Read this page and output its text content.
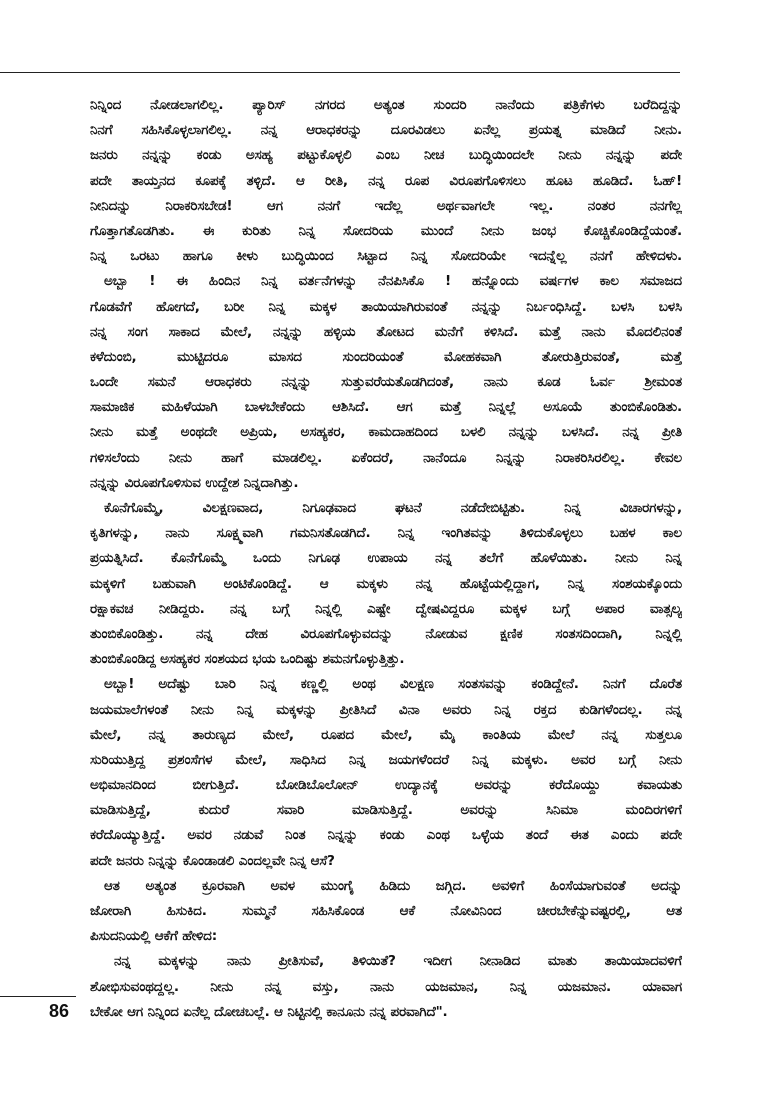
ನಿನ್ನಿಂದ ನೋಡಲಾಗಲಿಲ್ಲ. ಪ್ಯಾರಿಸ್ ನಗರದ ಅತ್ಯಂತ ಸುಂದರಿ ನಾನೆಂದು ಪತ್ರಿಕೆಗಳು ಬರೆದಿದ್ದನ್ನು
ನಿನಗೆ ಸಹಿಸಿಕೊಳ್ಳಲಾಗಲಿಲ್ಲ. ನನ್ನ ಆರಾಧಕರನ್ನು ದೂರವಿಡಲು ಏನೆಲ್ಲ ಪ್ರಯತ್ನ ಮಾಡಿದೆ ನೀನು.
ಜನರು ನನ್ನನ್ನು ಕಂಡು ಅಸಹ್ಯ ಪಟ್ಟುಕೊಳ್ಳಲಿ ಎಂಬ ನೀಚ ಬುದ್ಧಿಯಿಂದಲೇ ನೀನು ನನ್ನನ್ನು ಪದೇ
ಪದೇ ತಾಯ್ತನದ ಕೂಪಕ್ಕೆ ತಳ್ಳಿದೆ. ಆ ರೀತಿ, ನನ್ನ ರೂಪ ವಿರೂಪಗೊಳಿಸಲು ಹೂಟ ಹೂಡಿದೆ. ಓಹ್!
ನೀನಿದನ್ನು ನಿರಾಕರಿಸಬೇಡ! ಆಗ ನನಗೆ ಇದೆಲ್ಲ ಅರ್ಥವಾಗಲೇ ಇಲ್ಲ. ನಂತರ ನನಗೆಲ್ಲ
ಗೊತ್ತಾಗತೊಡಗಿತು. ಈ ಕುರಿತು ನಿನ್ನ ಸೋದರಿಯ ಮುಂದೆ ನೀನು ಜಂಭ ಕೊಚ್ಚಿಕೊಂಡಿದ್ದೆಯಂತೆ.
ನಿನ್ನ ಒರಟು ಹಾಗೂ ಕೀಳು ಬುದ್ಧಿಯಿಂದ ಸಿಟ್ಟಾದ ನಿನ್ನ ಸೋದರಿಯೇ ಇದನ್ನೆಲ್ಲ ನನಗೆ ಹೇಳಿದಳು.
ಅಬ್ಬಾ ! ಈ ಹಿಂದಿನ ನಿನ್ನ ವರ್ತನೆಗಳನ್ನು ನೆನಪಿಸಿಕೊ ! ಹನ್ನೊಂದು ವರ್ಷಗಳ ಕಾಲ ಸಮಾಜದ
ಗೊಡವೆಗೆ ಹೋಗದೆ, ಬರೀ ನಿನ್ನ ಮಕ್ಕಳ ತಾಯಿಯಾಗಿರುವಂತೆ ನನ್ನನ್ನು ನಿರ್ಬಂಧಿಸಿದ್ದೆ. ಬಳಸಿ ಬಳಸಿ
ನನ್ನ ಸಂಗ ಸಾಕಾದ ಮೇಲೆ, ನನ್ನನ್ನು ಹಳ್ಳಿಯ ತೋಟದ ಮನೆಗೆ ಕಳಿಸಿದೆ. ಮತ್ತೆ ನಾನು ಮೊದಲಿನಂತೆ
ಕಳೆದುಂಬಿ, ಮುಟ್ಟಿದರೂ ಮಾಸದ ಸುಂದರಿಯಂತೆ ಮೋಹಕವಾಗಿ ತೋರುತ್ತಿರುವಂತೆ, ಮತ್ತೆ
ಒಂದೇ ಸಮನೆ ಆರಾಧಕರು ನನ್ನನ್ನು ಸುತ್ತುವರೆಯತೊಡಗಿದಂತೆ, ನಾನು ಕೂಡ ಓರ್ವ ಶ್ರೀಮಂತ
ಸಾಮಾಜಿಕ ಮಹಿಳೆಯಾಗಿ ಬಾಳಬೇಕೆಂದು ಆಶಿಸಿದೆ. ಆಗ ಮತ್ತೆ ನಿನ್ನಲ್ಲೆ ಅಸೂಯೆ ತುಂಬಿಕೊಂಡಿತು.
ನೀನು ಮತ್ತೆ ಅಂಥದೇ ಅಪ್ರಿಯ, ಅಸಹ್ಯಕರ, ಕಾಮದಾಹದಿಂದ ಬಳಲಿ ನನ್ನನ್ನು ಬಳಸಿದೆ. ನನ್ನ ಪ್ರೀತಿ
ಗಳಿಸಲೆಂದು ನೀನು ಹಾಗೆ ಮಾಡಲಿಲ್ಲ. ಏಕೆಂದರೆ, ನಾನೆಂದೂ ನಿನ್ನನ್ನು ನಿರಾಕರಿಸಿರಲಿಲ್ಲ. ಕೇವಲ
ನನ್ನನ್ನು ವಿರೂಪಗೊಳಿಸುವ ಉದ್ದೇಶ ನಿನ್ನದಾಗಿತ್ತು.
ಕೊನೆಗೊಮ್ಮೆ, ವಿಲಕ್ಷಣವಾದ, ನಿಗೂಢವಾದ ಘಟನೆ ನಡೆದೇಬಿಟ್ಟಿತು. ನಿನ್ನ ವಿಚಾರಗಳನ್ನು,
ಕೃತಿಗಳನ್ನು, ನಾನು ಸೂಕ್ಷ್ಮವಾಗಿ ಗಮನಿಸತೊಡಗಿದೆ. ನಿನ್ನ ಇಂಗಿತವನ್ನು ತಿಳಿದುಕೊಳ್ಳಲು ಬಹಳ ಕಾಲ
ಪ್ರಯತ್ನಿಸಿದೆ. ಕೊನೆಗೊಮ್ಮೆ ಒಂದು ನಿಗೂಢ ಉಪಾಯ ನನ್ನ ತಲೆಗೆ ಹೊಳೆಯಿತು. ನೀನು ನಿನ್ನ
ಮಕ್ಕಳಿಗೆ ಬಹುವಾಗಿ ಅಂಟಿಕೊಂಡಿದ್ದೆ. ಆ ಮಕ್ಕಳು ನನ್ನ ಹೊಟ್ಟೆಯಲ್ಲಿದ್ದಾಗ, ನಿನ್ನ ಸಂಶಯಕ್ಕೊಂದು
ರಕ್ಷಾಕವಚ ನೀಡಿದ್ದರು. ನನ್ನ ಬಗ್ಗೆ ನಿನ್ನಲ್ಲಿ ಎಷ್ಟೇ ದ್ವೇಷವಿದ್ದರೂ ಮಕ್ಕಳ ಬಗ್ಗೆ ಅಪಾರ ವಾತ್ಸಲ್ಯ
ತುಂಬಿಕೊಂಡಿತ್ತು. ನನ್ನ ದೇಹ ವಿರೂಪಗೊಳ್ಳುವದನ್ನು ನೋಡುವ ಕ್ಷಣಿಕ ಸಂತಸದಿಂದಾಗಿ, ನಿನ್ನಲ್ಲಿ
ತುಂಬಿಕೊಂಡಿದ್ದ ಅಸಹ್ಯಕರ ಸಂಶಯದ ಭಯ ಒಂದಿಷ್ಟು ಶಮನಗೊಳ್ಳುತ್ತಿತ್ತು.
ಅಬ್ಬಾ! ಅದೆಷ್ಟು ಬಾರಿ ನಿನ್ನ ಕಣ್ಣಲ್ಲಿ ಅಂಥ ವಿಲಕ್ಷಣ ಸಂತಸವನ್ನು ಕಂಡಿದ್ದೇನೆ. ನಿನಗೆ ದೊರೆತ
ಜಯಮಾಲೆಗಳಂತೆ ನೀನು ನಿನ್ನ ಮಕ್ಕಳನ್ನು ಪ್ರೀತಿಸಿದೆ ವಿನಾ ಅವರು ನಿನ್ನ ರಕ್ತದ ಕುಡಿಗಳೆಂದಲ್ಲ. ನನ್ನ
ಮೇಲೆ, ನನ್ನ ತಾರುಣ್ಯದ ಮೇಲೆ, ರೂಪದ ಮೇಲೆ, ಮೈ ಕಾಂತಿಯ ಮೇಲೆ ನನ್ನ ಸುತ್ತಲೂ
ಸುರಿಯುತ್ತಿದ್ದ ಪ್ರಶಂಸೆಗಳ ಮೇಲೆ, ಸಾಧಿಸಿದ ನಿನ್ನ ಜಯಗಳೆಂದರೆ ನಿನ್ನ ಮಕ್ಕಳು. ಅವರ ಬಗ್ಗೆ ನೀನು
ಅಭಿಮಾನದಿಂದ ಬೀಗುತ್ತಿದೆ. ಬೋಡಿಬೊಲೋನ್ ಉದ್ಯಾನಕ್ಕೆ ಅವರನ್ನು ಕರೆದೊಯ್ದು ಕವಾಯತು
ಮಾಡಿಸುತ್ತಿದ್ದೆ, ಕುದುರೆ ಸವಾರಿ ಮಾಡಿಸುತ್ತಿದ್ದೆ. ಅವರನ್ನು ಸಿನಿಮಾ ಮಂದಿರಗಳಿಗೆ
ಕರೆದೊಯ್ಯುತ್ತಿದ್ದೆ. ಅವರ ನಡುವೆ ನಿಂತ ನಿನ್ನನ್ನು ಕಂಡು ಎಂಥ ಒಳ್ಳೆಯ ತಂದೆ ಈತ ಎಂದು ಪದೇ
ಪದೇ ಜನರು ನಿನ್ನನ್ನು ಕೊಂಡಾಡಲಿ ಎಂದಲ್ಲವೇ ನಿನ್ನ ಆಸೆ?
ಆತ ಅತ್ಯಂತ ಕ್ರೂರವಾಗಿ ಅವಳ ಮುಂಗೈ ಹಿಡಿದು ಜಗ್ಗಿದ. ಅವಳಿಗೆ ಹಿಂಸೆಯಾಗುವಂತೆ ಅದನ್ನು
ಜೋರಾಗಿ ಹಿಸುಕಿದ. ಸುಮ್ಮನೆ ಸಹಿಸಿಕೊಂಡ ಆಕೆ ನೋವಿನಿಂದ ಚೀರಬೇಕೆನ್ನುವಷ್ಟರಲ್ಲಿ, ಆತ
ಪಿಸುದನಿಯಲ್ಲಿ ಆಕೆಗೆ ಹೇಳಿದ:
ನನ್ನ ಮಕ್ಕಳನ್ನು ನಾನು ಪ್ರೀತಿಸುವೆ, ತಿಳಿಯಿತೆ? ಇದೀಗ ನೀನಾಡಿದ ಮಾತು ತಾಯಿಯಾದವಳಿಗೆ
ಶೋಭಿಸುವಂಥದ್ದಲ್ಲ. ನೀನು ನನ್ನ ವಸ್ತು, ನಾನು ಯಜಮಾನ, ನಿನ್ನ ಯಜಮಾನ. ಯಾವಾಗ
ಬೇಕೋ ಆಗ ನಿನ್ನಿಂದ ಏನೆಲ್ಲ ದೋಚಬಲ್ಲೆ. ಆ ನಿಟ್ಟಿನಲ್ಲಿ ಕಾನೂನು ನನ್ನ ಪರವಾಗಿದೆ".
86
